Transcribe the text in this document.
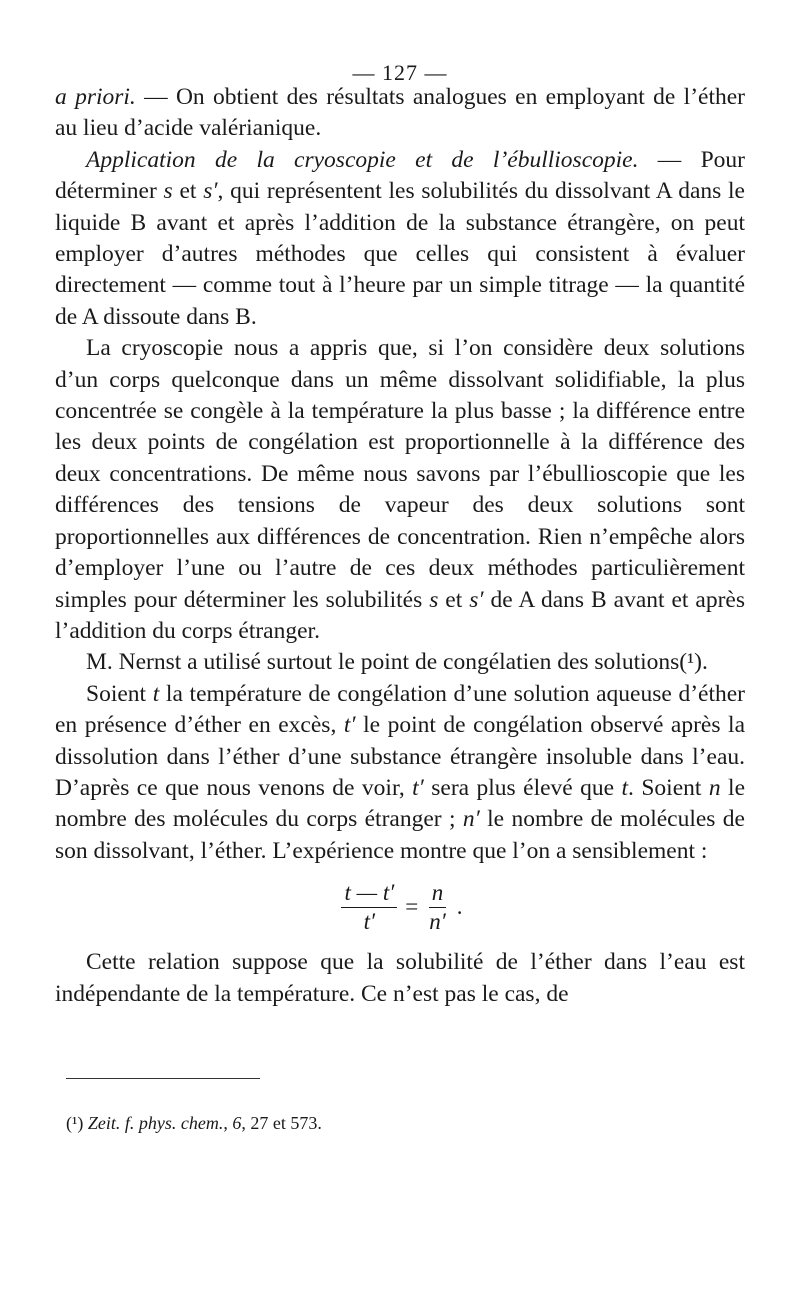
— 127 —

a priori. — On obtient des résultats analogues en employant de l’éther au lieu d’acide valérianique.

Application de la cryoscopie et de l’ébullioscopie. — Pour déterminer s et s′, qui représentent les solubilités du dissolvant A dans le liquide B avant et après l’addition de la substance étrangère, on peut employer d’autres méthodes que celles qui consistent à évaluer directement — comme tout à l’heure par un simple titrage — la quantité de A dissoute dans B.

La cryoscopie nous a appris que, si l’on considère deux solutions d’un corps quelconque dans un même dissolvant solidifiable, la plus concentrée se congèle à la température la plus basse ; la différence entre les deux points de congélation est proportionnelle à la différence des deux concentrations. De même nous savons par l’ébullioscopie que les différences des tensions de vapeur des deux solutions sont proportionnelles aux différences de concentration. Rien n’empêche alors d’employer l’une ou l’autre de ces deux méthodes particulièrement simples pour déterminer les solubilités s et s′ de A dans B avant et après l’addition du corps étranger.

M. Nernst a utilisé surtout le point de congélatien des solutions(¹).

Soient t la température de congélation d’une solution aqueuse d’éther en présence d’éther en excès, t′ le point de congélation observé après la dissolution dans l’éther d’une substance étrangère insoluble dans l’eau. D’après ce que nous venons de voir, t′ sera plus élevé que t. Soient n le nombre des molécules du corps étranger ; n′ le nombre de molécules de son dissolvant, l’éther. L’expérience montre que l’on a sensiblement :

$\frac{t — t'}{t'} = \frac{n}{n'}$ .

Cette relation suppose que la solubilité de l’éther dans l’eau est indépendante de la température. Ce n’est pas le cas, de

(¹) Zeit. f. phys. chem., 6, 27 et 573.
